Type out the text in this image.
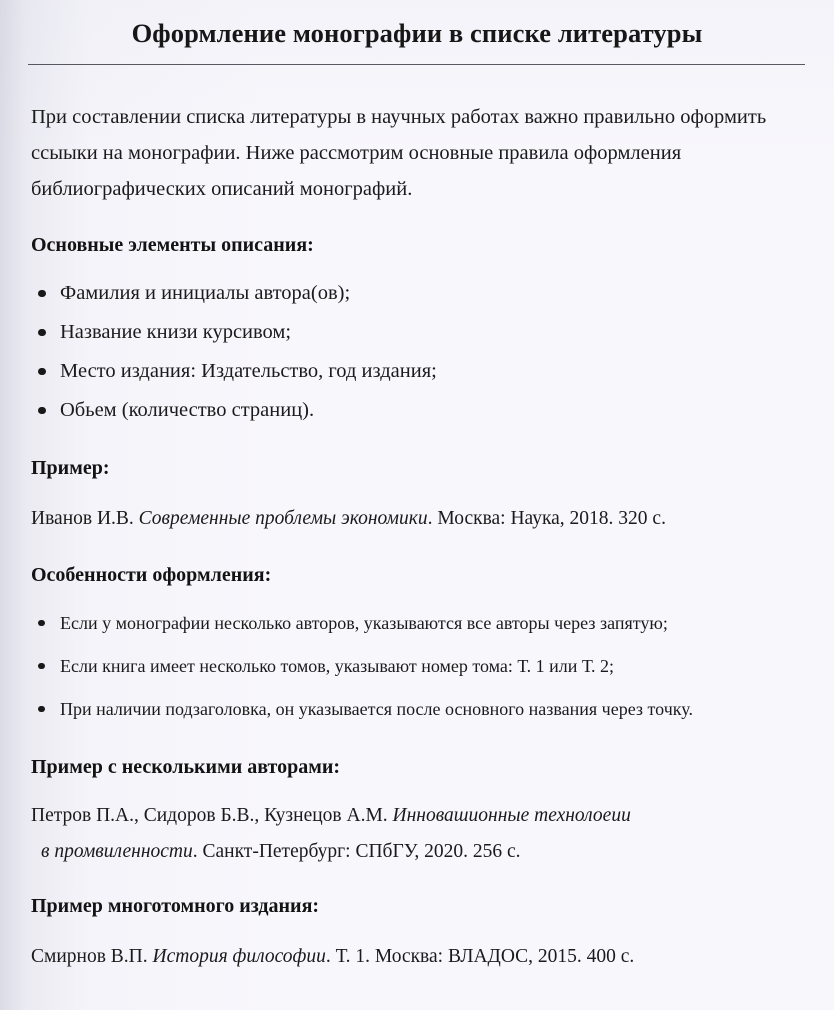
Оформление монографии в списке литературы

При составлении списка литературы в научных работах важно правильно оформить ссыыки на монографии. Ниже рассмотрим основные правила оформления библиографических описаний монографий.

Основные элементы описания:
Фамилия и инициалы автора(ов);
Название книзи курсивом;
Место издания: Издательство, год издания;
Обьем (количество страниц).
Пример:

Иванов И.В. Современные проблемы экономики. Москва: Наука, 2018. 320 с.

Особенности оформления:
Если у монографии несколько авторов, указываются все авторы через запятую;
Если книга имеет несколько томов, указывают номер тома: Т. 1 или Т. 2;
При наличии подзаголовка, он указывается после основного названия через точку.
Пример с несколькими авторами:

Петров П.А., Сидоров Б.В., Кузнецов А.М. Инновашионные технолоеии
в промвиленности. Санкт-Петербург: СПбГУ, 2020. 256 с.

Пример многотомного издания:

Смирнов В.П. История философии. Т. 1. Москва: ВЛАДОС, 2015. 400 с.
